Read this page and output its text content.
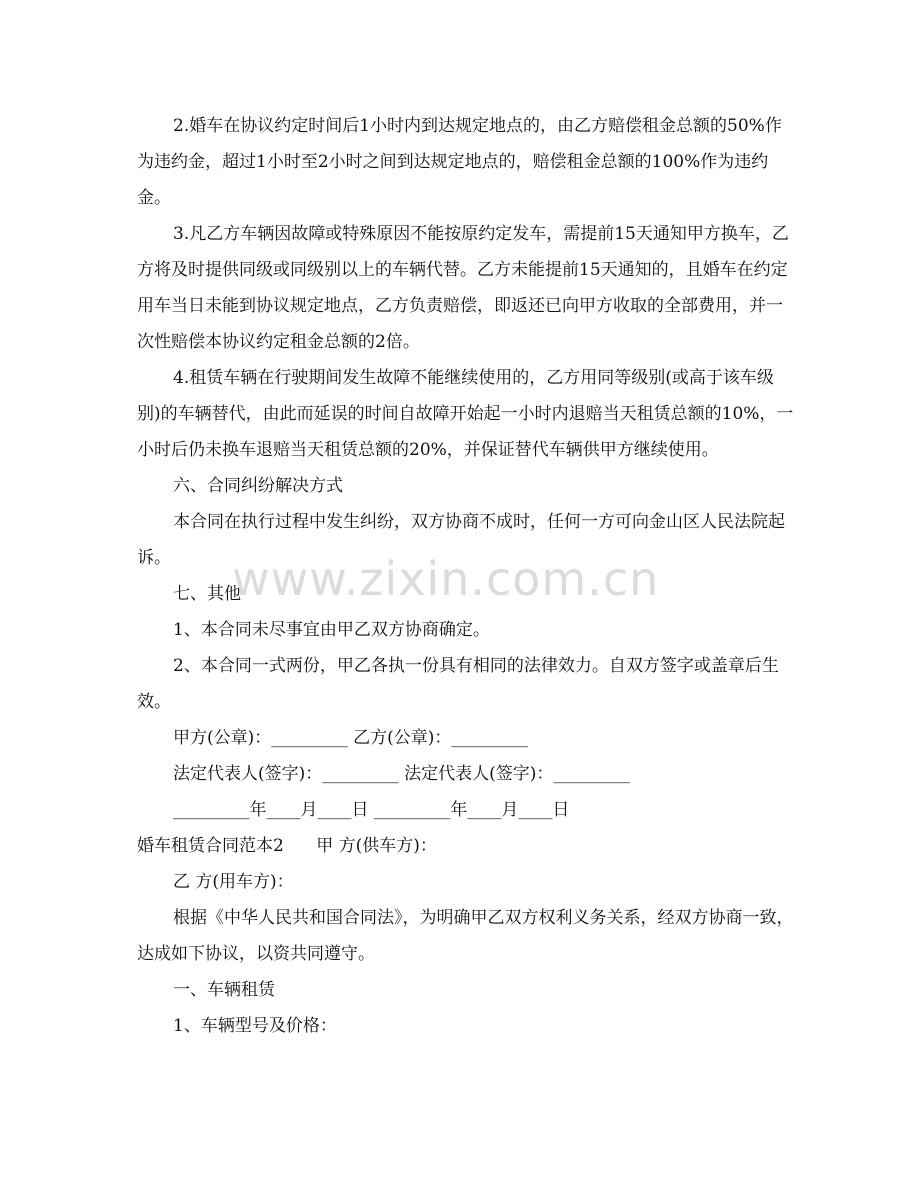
2.婚车在协议约定时间后1小时内到达规定地点的，由乙方赔偿租金总额的50%作为违约金，超过1小时至2小时之间到达规定地点的，赔偿租金总额的100%作为违约金。

3.凡乙方车辆因故障或特殊原因不能按原约定发车，需提前15天通知甲方换车，乙方将及时提供同级或同级别以上的车辆代替。乙方未能提前15天通知的，且婚车在约定用车当日未能到协议规定地点，乙方负责赔偿，即返还已向甲方收取的全部费用，并一次性赔偿本协议约定租金总额的2倍。

4.租赁车辆在行驶期间发生故障不能继续使用的，乙方用同等级别(或高于该车级别)的车辆替代，由此而延误的时间自故障开始起一小时内退赔当天租赁总额的10%，一小时后仍未换车退赔当天租赁总额的20%，并保证替代车辆供甲方继续使用。

六、合同纠纷解决方式

本合同在执行过程中发生纠纷，双方协商不成时，任何一方可向金山区人民法院起诉。

七、其他

1、本合同未尽事宜由甲乙双方协商确定。

2、本合同一式两份，甲乙各执一份具有相同的法律效力。自双方签字或盖章后生效。

甲方(公章)：_________ 乙方(公章)：_________

法定代表人(签字)：_________ 法定代表人(签字)：_________

_________年____月____日 _________年____月____日

婚车租赁合同范本2      甲 方(供车方)：

乙 方(用车方)：

根据《中华人民共和国合同法》，为明确甲乙双方权利义务关系，经双方协商一致，达成如下协议，以资共同遵守。

一、车辆租赁

1、车辆型号及价格：

www.zixin.com.cn
